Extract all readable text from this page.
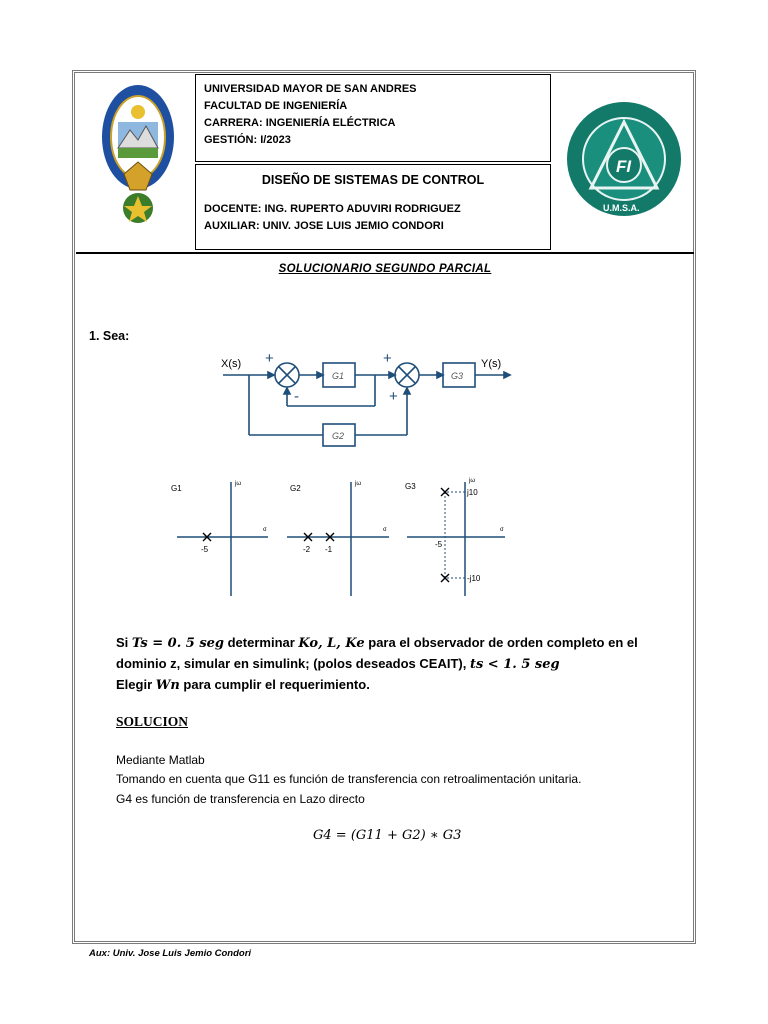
FI
U.M.S.A.
UNIVERSIDAD MAYOR DE SAN ANDRES
FACULTAD DE INGENIERÍA
CARRERA: INGENIERÍA ELÉCTRICA
GESTIÓN: I/2023
DISEÑO DE SISTEMAS DE CONTROL
DOCENTE: ING. RUPERTO ADUVIRI RODRIGUEZ
AUXILIAR: UNIV. JOSE LUIS JEMIO CONDORI
SOLUCIONARIO SEGUNDO PARCIAL
1. Sea:
X(s)	Y(s)
G1	G3
G2
+
-
+
+
G1	jω
σ
-5
G2	jω
σ
-2 -1
G3
jω
σ
-5
j10
-j10
Si Ts = 0. 5 seg determinar Ko, L, Ke para el observador de orden completo en el
dominio z, simular en simulink; (polos deseados CEAIT), ts < 1. 5 seg
Elegir Wn para cumplir el requerimiento.
SOLUCION
Mediante Matlab
Tomando en cuenta que G11 es función de transferencia con retroalimentación unitaria.
G4 es función de transferencia en Lazo directo
G4 = (G11 + G2) ∗ G3
Aux: Univ. Jose Luis Jemio Condori
